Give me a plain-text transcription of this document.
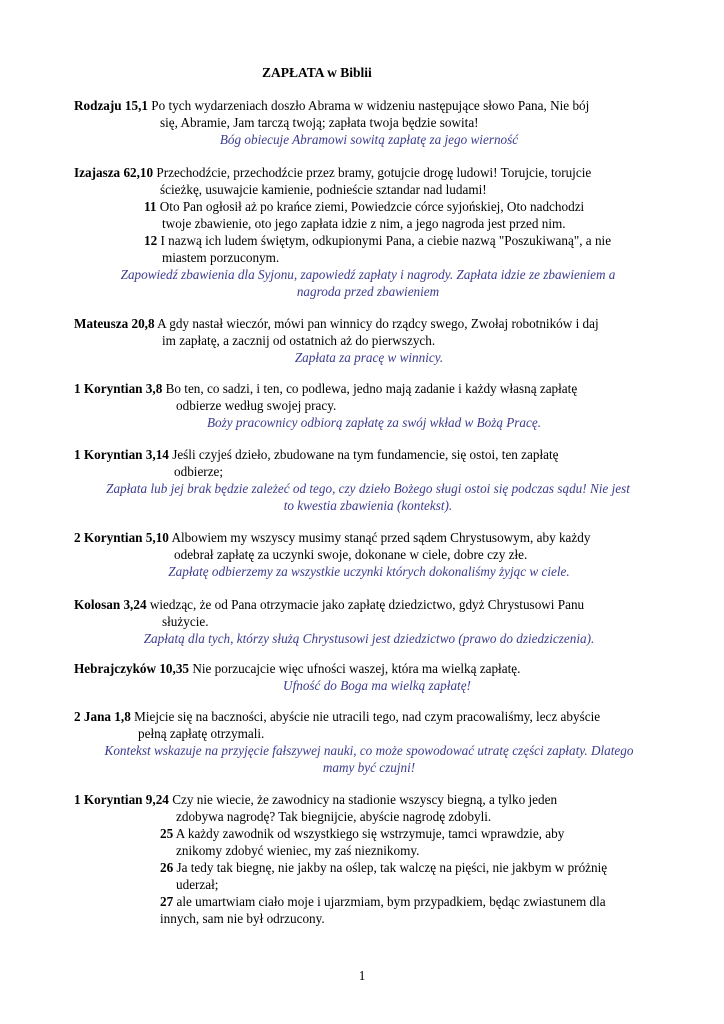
ZAPŁATA w Biblii
Rodzaju 15,1 Po tych wydarzeniach doszło Abrama w widzeniu następujące słowo Pana, Nie bój
się, Abramie, Jam tarczą twoją; zapłata twoja będzie sowita!
Bóg obiecuje Abramowi sowitą zapłatę za jego wierność
Izajasza 62,10 Przechodźcie, przechodźcie przez bramy, gotujcie drogę ludowi! Torujcie, torujcie
ścieżkę, usuwajcie kamienie, podnieście sztandar nad ludami!
11 Oto Pan ogłosił aż po krańce ziemi, Powiedzcie córce syjońskiej, Oto nadchodzi
twoje zbawienie, oto jego zapłata idzie z nim, a jego nagroda jest przed nim.
12 I nazwą ich ludem świętym, odkupionymi Pana, a ciebie nazwą "Poszukiwaną", a nie
miastem porzuconym.
Zapowiedź zbawienia dla Syjonu, zapowiedź zapłaty i nagrody. Zapłata idzie ze zbawieniem a
nagroda przed zbawieniem
Mateusza 20,8 A gdy nastał wieczór, mówi pan winnicy do rządcy swego, Zwołaj robotników i daj
im zapłatę, a zacznij od ostatnich aż do pierwszych.
Zapłata za pracę w winnicy.
1 Koryntian 3,8 Bo ten, co sadzi, i ten, co podlewa, jedno mają zadanie i każdy własną zapłatę
odbierze według swojej pracy.
Boży pracownicy odbiorą zapłatę za swój wkład w Bożą Pracę.
1 Koryntian 3,14 Jeśli czyjeś dzieło, zbudowane na tym fundamencie, się ostoi, ten zapłatę
odbierze;
Zapłata lub jej brak będzie zależeć od tego, czy dzieło Bożego sługi ostoi się podczas sądu! Nie jest
to kwestia zbawienia (kontekst).
2 Koryntian 5,10 Albowiem my wszyscy musimy stanąć przed sądem Chrystusowym, aby każdy
odebrał zapłatę za uczynki swoje, dokonane w ciele, dobre czy złe.
Zapłatę odbierzemy za wszystkie uczynki których dokonaliśmy żyjąc w ciele.
Kolosan 3,24 wiedząc, że od Pana otrzymacie jako zapłatę dziedzictwo, gdyż Chrystusowi Panu
służycie.
Zapłatą dla tych, którzy służą Chrystusowi jest dziedzictwo (prawo do dziedziczenia).
Hebrajczyków 10,35 Nie porzucajcie więc ufności waszej, która ma wielką zapłatę.
Ufność do Boga ma wielką zapłatę!
2 Jana 1,8 Miejcie się na baczności, abyście nie utracili tego, nad czym pracowaliśmy, lecz abyście
pełną zapłatę otrzymali.
Kontekst wskazuje na przyjęcie fałszywej nauki, co może spowodować utratę części zapłaty. Dlatego
mamy być czujni!
1 Koryntian 9,24 Czy nie wiecie, że zawodnicy na stadionie wszyscy biegną, a tylko jeden
zdobywa nagrodę? Tak biegnijcie, abyście nagrodę zdobyli.
25 A każdy zawodnik od wszystkiego się wstrzymuje, tamci wprawdzie, aby
znikomy zdobyć wieniec, my zaś nieznikomy.
26 Ja tedy tak biegnę, nie jakby na oślep, tak walczę na pięści, nie jakbym w próżnię
uderzał;
27 ale umartwiam ciało moje i ujarzmiam, bym przypadkiem, będąc zwiastunem dla
innych, sam nie był odrzucony.
1
